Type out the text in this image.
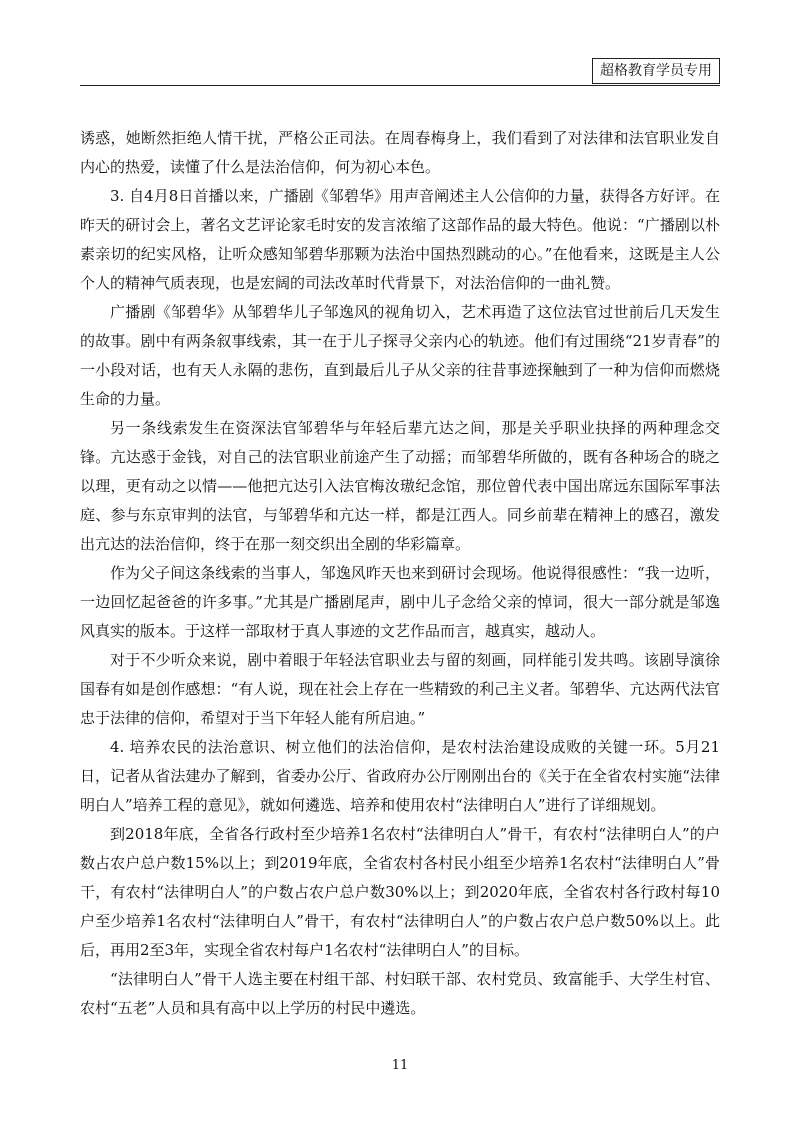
超格教育学员专用

诱惑，她断然拒绝人情干扰，严格公正司法。在周春梅身上，我们看到了对法律和法官职业发自内心的热爱，读懂了什么是法治信仰，何为初心本色。

3. 自4月8日首播以来，广播剧《邹碧华》用声音阐述主人公信仰的力量，获得各方好评。在昨天的研讨会上，著名文艺评论家毛时安的发言浓缩了这部作品的最大特色。他说：“广播剧以朴素亲切的纪实风格，让听众感知邹碧华那颗为法治中国热烈跳动的心。”在他看来，这既是主人公个人的精神气质表现，也是宏阔的司法改革时代背景下，对法治信仰的一曲礼赞。

广播剧《邹碧华》从邹碧华儿子邹逸风的视角切入，艺术再造了这位法官过世前后几天发生的故事。剧中有两条叙事线索，其一在于儿子探寻父亲内心的轨迹。他们有过围绕“21岁青春”的一小段对话，也有天人永隔的悲伤，直到最后儿子从父亲的往昔事迹探触到了一种为信仰而燃烧生命的力量。

另一条线索发生在资深法官邹碧华与年轻后辈亢达之间，那是关乎职业抉择的两种理念交锋。亢达惑于金钱，对自己的法官职业前途产生了动摇；而邹碧华所做的，既有各种场合的晓之以理，更有动之以情——他把亢达引入法官梅汝璈纪念馆，那位曾代表中国出席远东国际军事法庭、参与东京审判的法官，与邹碧华和亢达一样，都是江西人。同乡前辈在精神上的感召，激发出亢达的法治信仰，终于在那一刻交织出全剧的华彩篇章。

作为父子间这条线索的当事人，邹逸风昨天也来到研讨会现场。他说得很感性：“我一边听，一边回忆起爸爸的许多事。”尤其是广播剧尾声，剧中儿子念给父亲的悼词，很大一部分就是邹逸风真实的版本。于这样一部取材于真人事迹的文艺作品而言，越真实，越动人。

对于不少听众来说，剧中着眼于年轻法官职业去与留的刻画，同样能引发共鸣。该剧导演徐国春有如是创作感想：“有人说，现在社会上存在一些精致的利己主义者。邹碧华、亢达两代法官忠于法律的信仰，希望对于当下年轻人能有所启迪。”

4. 培养农民的法治意识、树立他们的法治信仰，是农村法治建设成败的关键一环。5月21日，记者从省法建办了解到，省委办公厅、省政府办公厅刚刚出台的《关于在全省农村实施“法律明白人”培养工程的意见》，就如何遴选、培养和使用农村“法律明白人”进行了详细规划。

到2018年底，全省各行政村至少培养1名农村“法律明白人”骨干，有农村“法律明白人”的户数占农户总户数15%以上；到2019年底，全省农村各村民小组至少培养1名农村“法律明白人”骨干，有农村“法律明白人”的户数占农户总户数30%以上；到2020年底，全省农村各行政村每10户至少培养1名农村“法律明白人”骨干，有农村“法律明白人”的户数占农户总户数50%以上。此后，再用2至3年，实现全省农村每户1名农村“法律明白人”的目标。

“法律明白人”骨干人选主要在村组干部、村妇联干部、农村党员、致富能手、大学生村官、农村“五老”人员和具有高中以上学历的村民中遴选。

11
